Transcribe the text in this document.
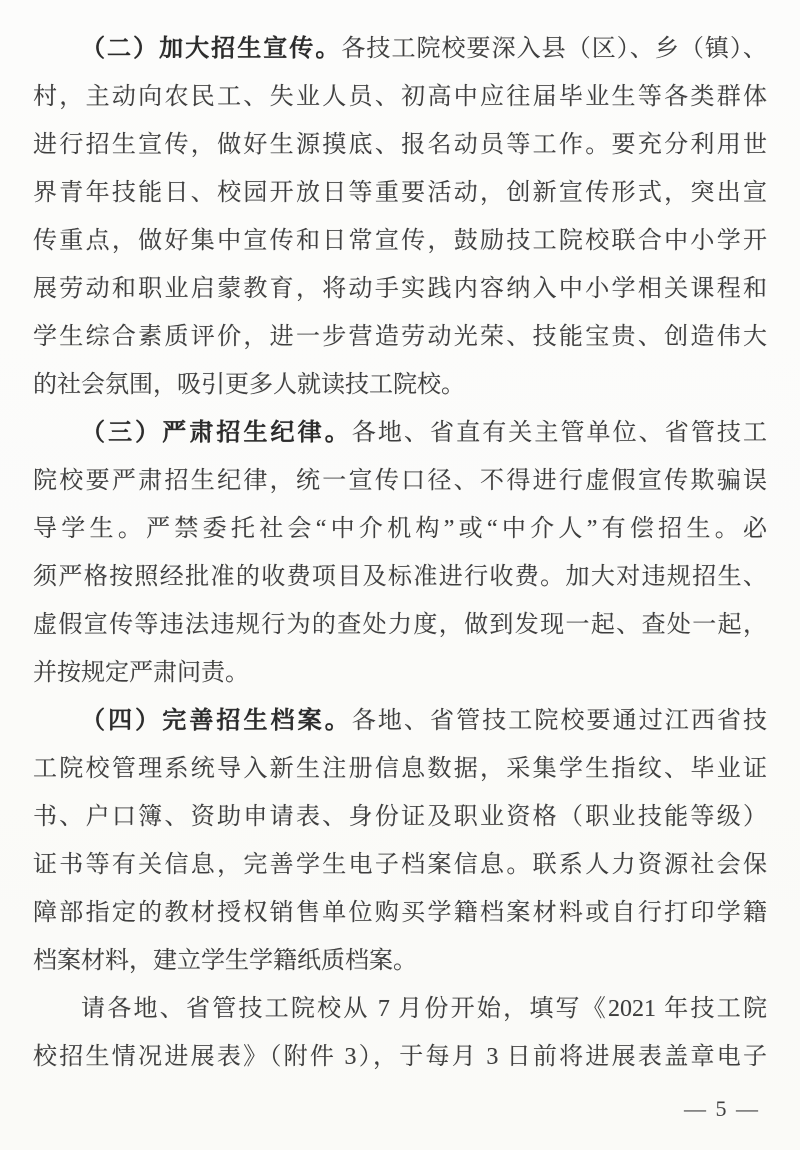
（二）加大招生宣传。各技工院校要深入县（区）、乡（镇）、
村，主动向农民工、失业人员、初高中应往届毕业生等各类群体
进行招生宣传，做好生源摸底、报名动员等工作。要充分利用世
界青年技能日、校园开放日等重要活动，创新宣传形式，突出宣
传重点，做好集中宣传和日常宣传，鼓励技工院校联合中小学开
展劳动和职业启蒙教育，将动手实践内容纳入中小学相关课程和
学生综合素质评价，进一步营造劳动光荣、技能宝贵、创造伟大
的社会氛围，吸引更多人就读技工院校。
（三）严肃招生纪律。各地、省直有关主管单位、省管技工
院校要严肃招生纪律，统一宣传口径、不得进行虚假宣传欺骗误
导学生。严禁委托社会“中介机构”或“中介人”有偿招生。必
须严格按照经批准的收费项目及标准进行收费。加大对违规招生、
虚假宣传等违法违规行为的查处力度，做到发现一起、查处一起，
并按规定严肃问责。
（四）完善招生档案。各地、省管技工院校要通过江西省技
工院校管理系统导入新生注册信息数据，采集学生指纹、毕业证
书、户口簿、资助申请表、身份证及职业资格（职业技能等级）
证书等有关信息，完善学生电子档案信息。联系人力资源社会保
障部指定的教材授权销售单位购买学籍档案材料或自行打印学籍
档案材料，建立学生学籍纸质档案。
请各地、省管技工院校从 7 月份开始，填写《2021 年技工院
校招生情况进展表》（附件 3），于每月 3 日前将进展表盖章电子
— 5 —
